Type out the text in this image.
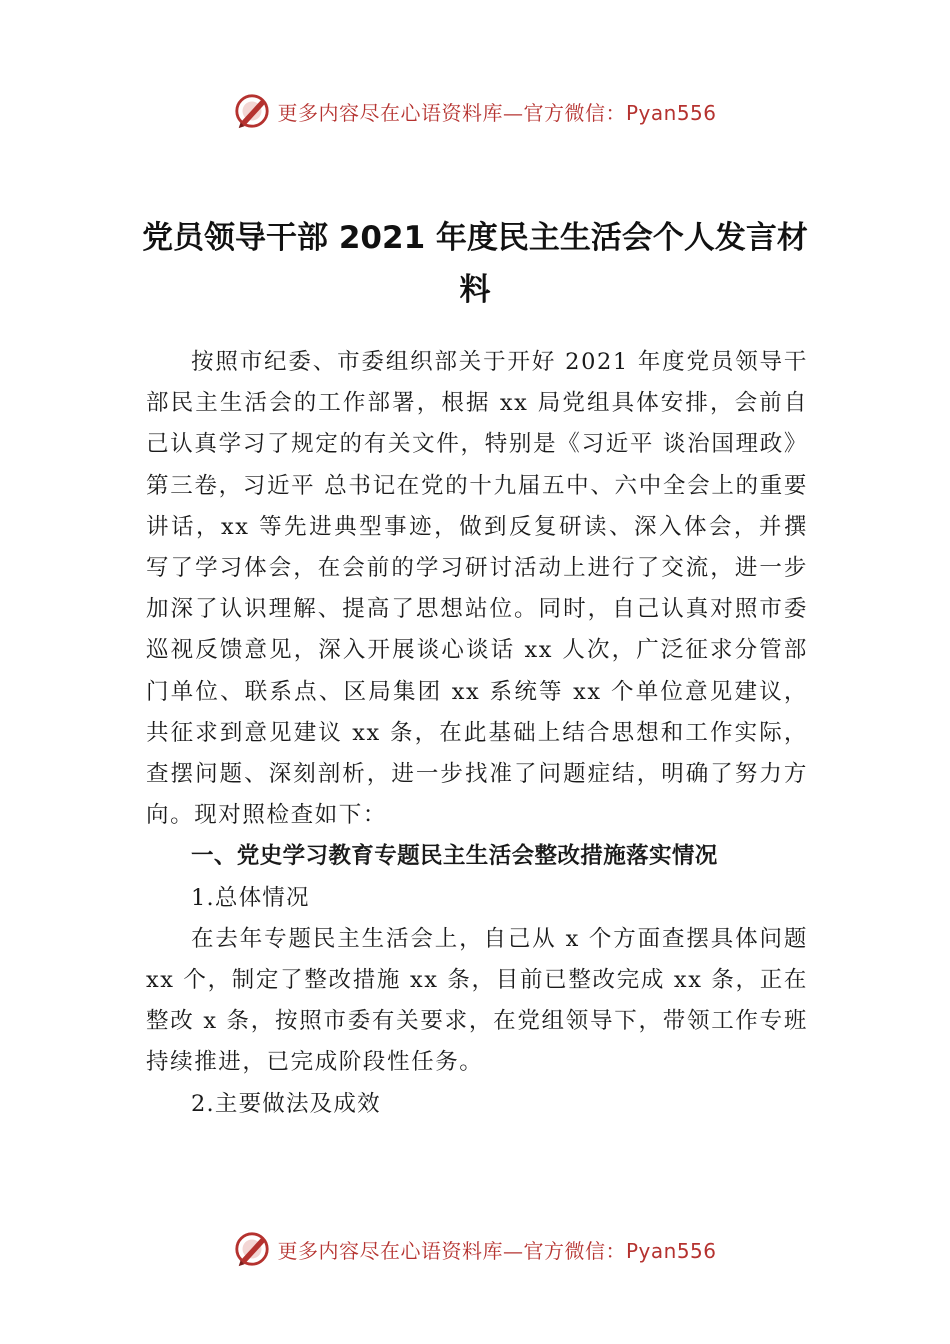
更多内容尽在心语资料库—官方微信：Pyan556
党员领导干部 2021 年度民主生活会个人发言材料

按照市纪委、市委组织部关于开好 2021 年度党员领导干部民主生活会的工作部署，根据 xx 局党组具体安排，会前自己认真学习了规定的有关文件，特别是《习近平 谈治国理政》第三卷，习近平 总书记在党的十九届五中、六中全会上的重要讲话，xx 等先进典型事迹，做到反复研读、深入体会，并撰写了学习体会，在会前的学习研讨活动上进行了交流，进一步加深了认识理解、提高了思想站位。同时，自己认真对照市委巡视反馈意见，深入开展谈心谈话 xx 人次，广泛征求分管部门单位、联系点、区局集团 xx 系统等 xx 个单位意见建议， 共征求到意见建议 xx 条，在此基础上结合思想和工作实际， 查摆问题、深刻剖析，进一步找准了问题症结，明确了努力方向。现对照检查如下：

一、党史学习教育专题民主生活会整改措施落实情况

1.总体情况

在去年专题民主生活会上，自己从 x 个方面查摆具体问题 xx 个，制定了整改措施 xx 条，目前已整改完成 xx 条，正在整改 x 条，按照市委有关要求，在党组领导下，带领工作专班持续推进，已完成阶段性任务。

2.主要做法及成效

更多内容尽在心语资料库—官方微信：Pyan556
